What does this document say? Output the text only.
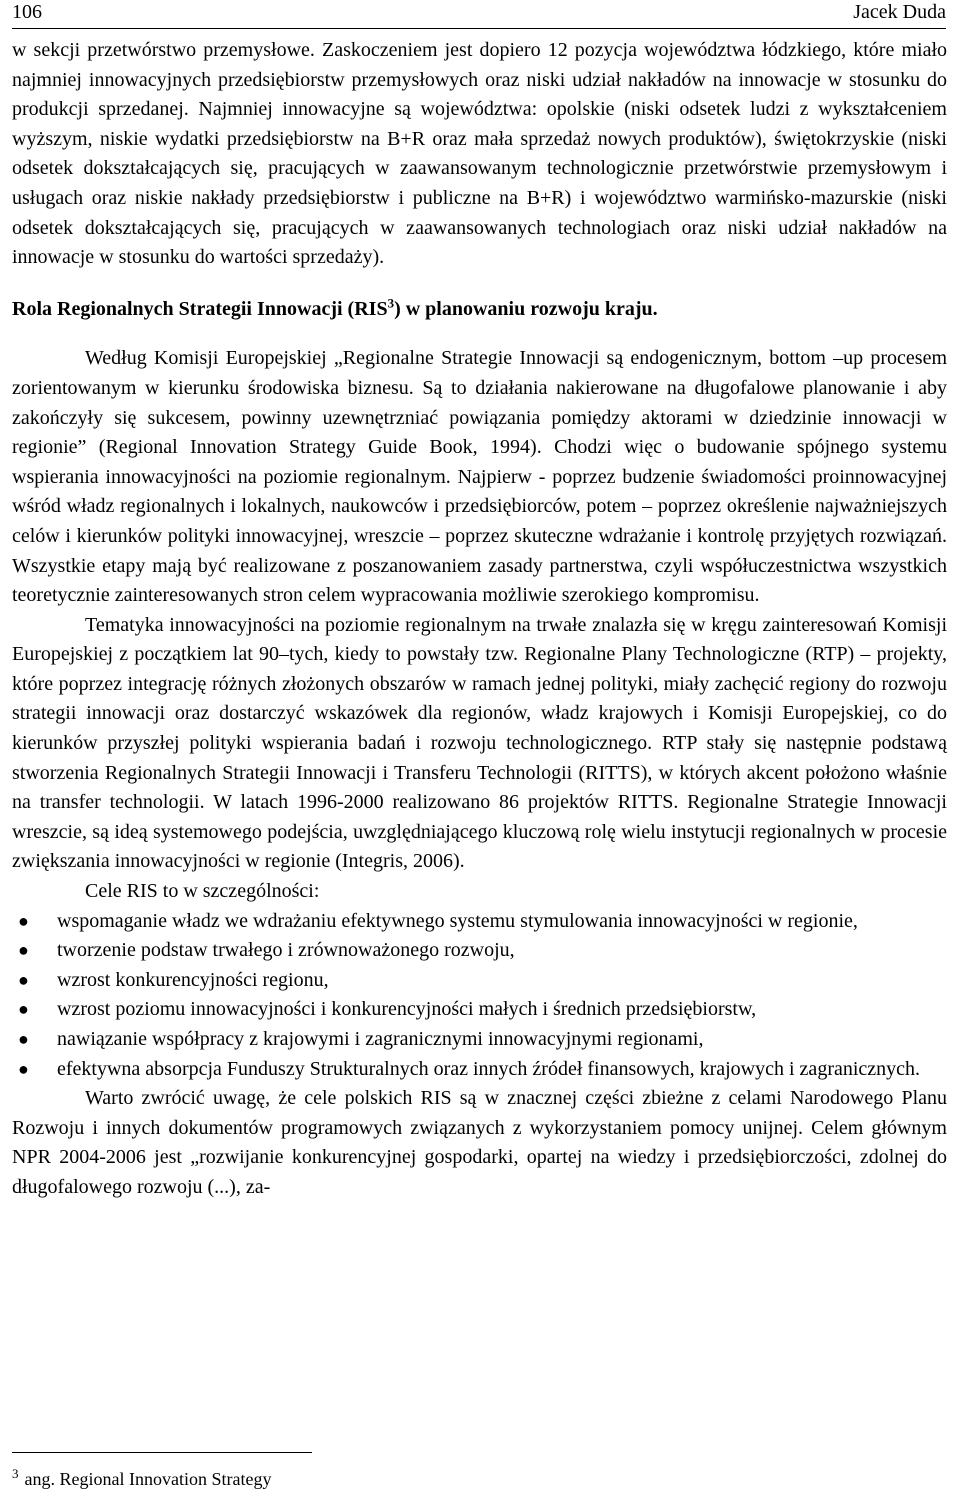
106	Jacek Duda

w sekcji przetwórstwo przemysłowe. Zaskoczeniem jest dopiero 12 pozycja województwa łódzkiego, które miało najmniej innowacyjnych przedsiębiorstw przemysłowych oraz niski udział nakładów na innowacje w stosunku do produkcji sprzedanej. Najmniej innowacyjne są województwa: opolskie (niski odsetek ludzi z wykształceniem wyższym, niskie wydatki przedsiębiorstw na B+R oraz mała sprzedaż nowych produktów), świętokrzyskie (niski odsetek dokształcających się, pracujących w zaawansowanym technologicznie przetwórstwie przemysłowym i usługach oraz niskie nakłady przedsiębiorstw i publiczne na B+R) i województwo warmińsko-mazurskie (niski odsetek dokształcających się, pracujących w zaawansowanych technologiach oraz niski udział nakładów na innowacje w stosunku do wartości sprzedaży).

Rola Regionalnych Strategii Innowacji (RIS$^3$) w planowaniu rozwoju kraju.

Według Komisji Europejskiej „Regionalne Strategie Innowacji są endogenicznym, bottom –up procesem zorientowanym w kierunku środowiska biznesu. Są to działania nakierowane na długofalowe planowanie i aby zakończyły się sukcesem, powinny uzewnętrzniać powiązania pomiędzy aktorami w dziedzinie innowacji w regionie” (Regional Innovation Strategy Guide Book, 1994). Chodzi więc o budowanie spójnego systemu wspierania innowacyjności na poziomie regionalnym. Najpierw - poprzez budzenie świadomości proinnowacyjnej wśród władz regionalnych i lokalnych, naukowców i przedsiębiorców, potem – poprzez określenie najważniejszych celów i kierunków polityki innowacyjnej, wreszcie – poprzez skuteczne wdrażanie i kontrolę przyjętych rozwiązań. Wszystkie etapy mają być realizowane z poszanowaniem zasady partnerstwa, czyli współuczestnictwa wszystkich teoretycznie zainteresowanych stron celem wypracowania możliwie szerokiego kompromisu.

Tematyka innowacyjności na poziomie regionalnym na trwałe znalazła się w kręgu zainteresowań Komisji Europejskiej z początkiem lat 90–tych, kiedy to powstały tzw. Regionalne Plany Technologiczne (RTP) – projekty, które poprzez integrację różnych złożonych obszarów w ramach jednej polityki, miały zachęcić regiony do rozwoju strategii innowacji oraz dostarczyć wskazówek dla regionów, władz krajowych i Komisji Europejskiej, co do kierunków przyszłej polityki wspierania badań i rozwoju technologicznego. RTP stały się następnie podstawą stworzenia Regionalnych Strategii Innowacji i Transferu Technologii (RITTS), w których akcent położono właśnie na transfer technologii. W latach 1996-2000 realizowano 86 projektów RITTS. Regionalne Strategie Innowacji wreszcie, są ideą systemowego podejścia, uwzględniającego kluczową rolę wielu instytucji regionalnych w procesie zwiększania innowacyjności w regionie (Integris, 2006).

Cele RIS to w szczególności:

● wspomaganie władz we wdrażaniu efektywnego systemu stymulowania innowacyjności w regionie,
● tworzenie podstaw trwałego i zrównoważonego rozwoju,
● wzrost konkurencyjności regionu,
● wzrost poziomu innowacyjności i konkurencyjności małych i średnich przedsiębiorstw,
● nawiązanie współpracy z krajowymi i zagranicznymi innowacyjnymi regionami,
● efektywna absorpcja Funduszy Strukturalnych oraz innych źródeł finansowych, krajowych i zagranicznych.

Warto zwrócić uwagę, że cele polskich RIS są w znacznej części zbieżne z celami Narodowego Planu Rozwoju i innych dokumentów programowych związanych z wykorzystaniem pomocy unijnej. Celem głównym NPR 2004-2006 jest „rozwijanie konkurencyjnej gospodarki, opartej na wiedzy i przedsiębiorczości, zdolnej do długofalowego rozwoju (...), za-

$^3$ ang. Regional Innovation Strategy
